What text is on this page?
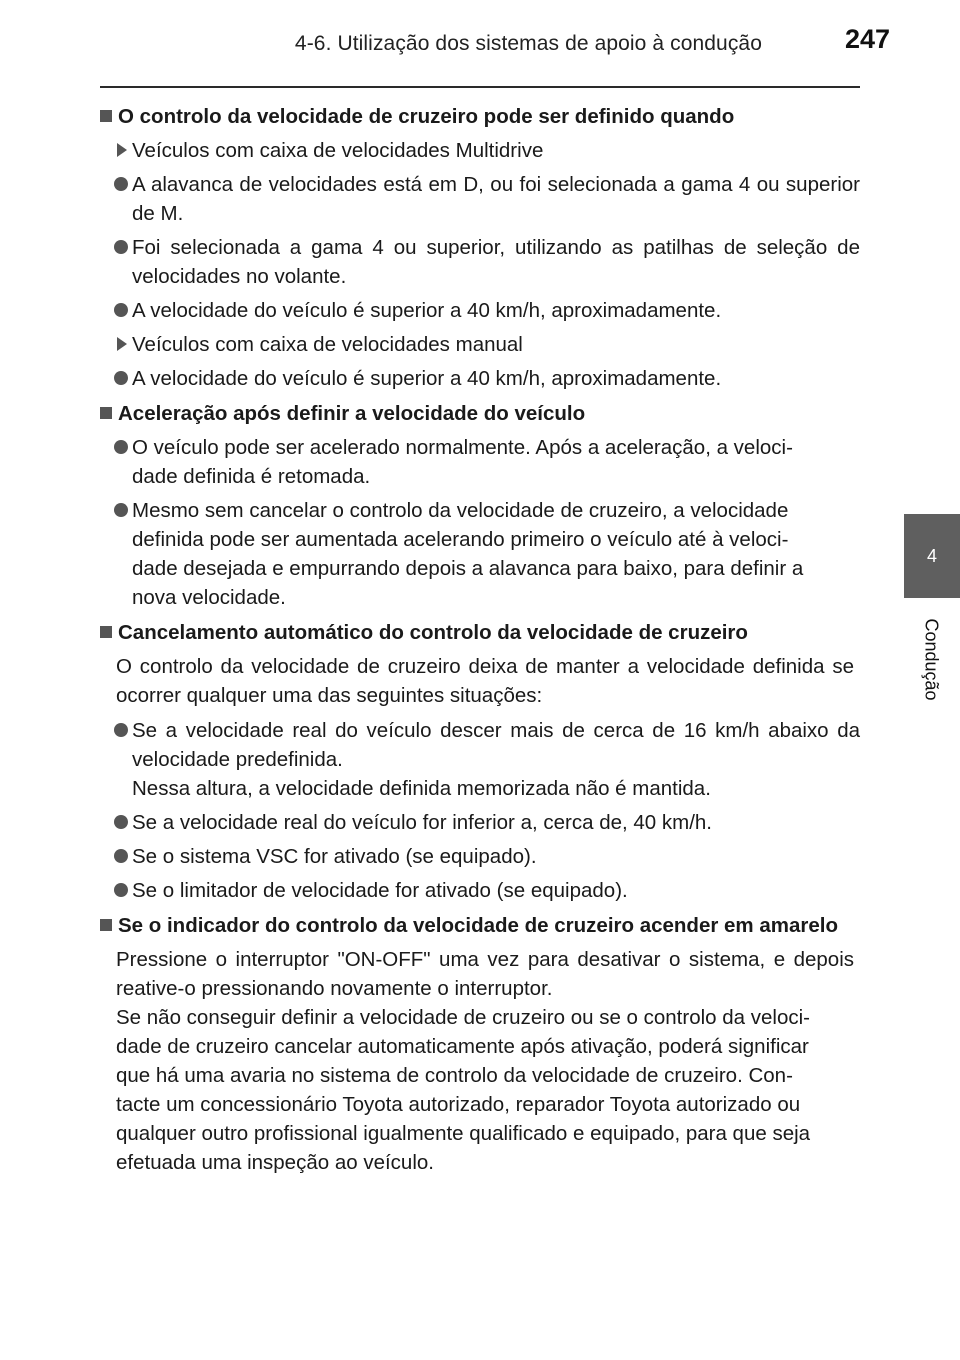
4-6. Utilização dos sistemas de apoio à condução	247
4
Condução
O controlo da velocidade de cruzeiro pode ser definido quando
Veículos com caixa de velocidades Multidrive
A alavanca de velocidades está em D, ou foi selecionada a gama 4 ou superior de M.
Foi selecionada a gama 4 ou superior, utilizando as patilhas de seleção de velocidades no volante.
A velocidade do veículo é superior a 40 km/h, aproximadamente.
Veículos com caixa de velocidades manual
A velocidade do veículo é superior a 40 km/h, aproximadamente.
Aceleração após definir a velocidade do veículo
O veículo pode ser acelerado normalmente. Após a aceleração, a veloci-
dade definida é retomada.
Mesmo sem cancelar o controlo da velocidade de cruzeiro, a velocidade
definida pode ser aumentada acelerando primeiro o veículo até à veloci-
dade desejada e empurrando depois a alavanca para baixo, para definir a
nova velocidade.
Cancelamento automático do controlo da velocidade de cruzeiro
O controlo da velocidade de cruzeiro deixa de manter a velocidade definida se ocorrer qualquer uma das seguintes situações:
Se a velocidade real do veículo descer mais de cerca de 16 km/h abaixo da velocidade predefinida.
Nessa altura, a velocidade definida memorizada não é mantida.
Se a velocidade real do veículo for inferior a, cerca de, 40 km/h.
Se o sistema VSC for ativado (se equipado).
Se o limitador de velocidade for ativado (se equipado).
Se o indicador do controlo da velocidade de cruzeiro acender em amarelo
Pressione o interruptor "ON-OFF" uma vez para desativar o sistema, e depois reative-o pressionando novamente o interruptor.
Se não conseguir definir a velocidade de cruzeiro ou se o controlo da veloci-
dade de cruzeiro cancelar automaticamente após ativação, poderá significar
que há uma avaria no sistema de controlo da velocidade de cruzeiro. Con-
tacte um concessionário Toyota autorizado, reparador Toyota autorizado ou
qualquer outro profissional igualmente qualificado e equipado, para que seja
efetuada uma inspeção ao veículo.
